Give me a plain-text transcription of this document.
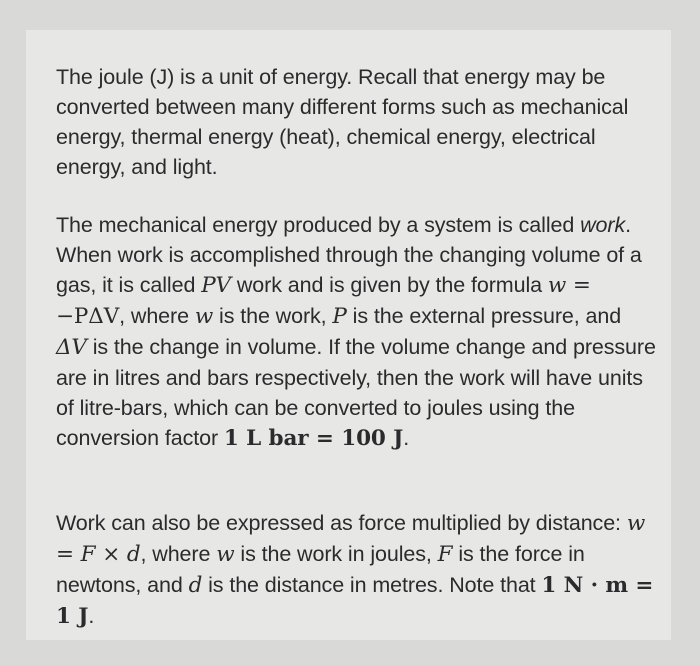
The joule (J) is a unit of energy. Recall that energy may be converted between many different forms such as mechanical energy, thermal energy (heat), chemical energy, electrical energy, and light.
The mechanical energy produced by a system is called work. When work is accomplished through the changing volume of a gas, it is called PV work and is given by the formula w = −PΔV, where w is the work, P is the external pressure, and ΔV is the change in volume. If the volume change and pressure are in litres and bars respectively, then the work will have units of litre-bars, which can be converted to joules using the conversion factor 1 L bar = 100 J.
Work can also be expressed as force multiplied by distance: w = F × d, where w is the work in joules, F is the force in newtons, and d is the distance in metres. Note that 1 N · m = 1 J.
